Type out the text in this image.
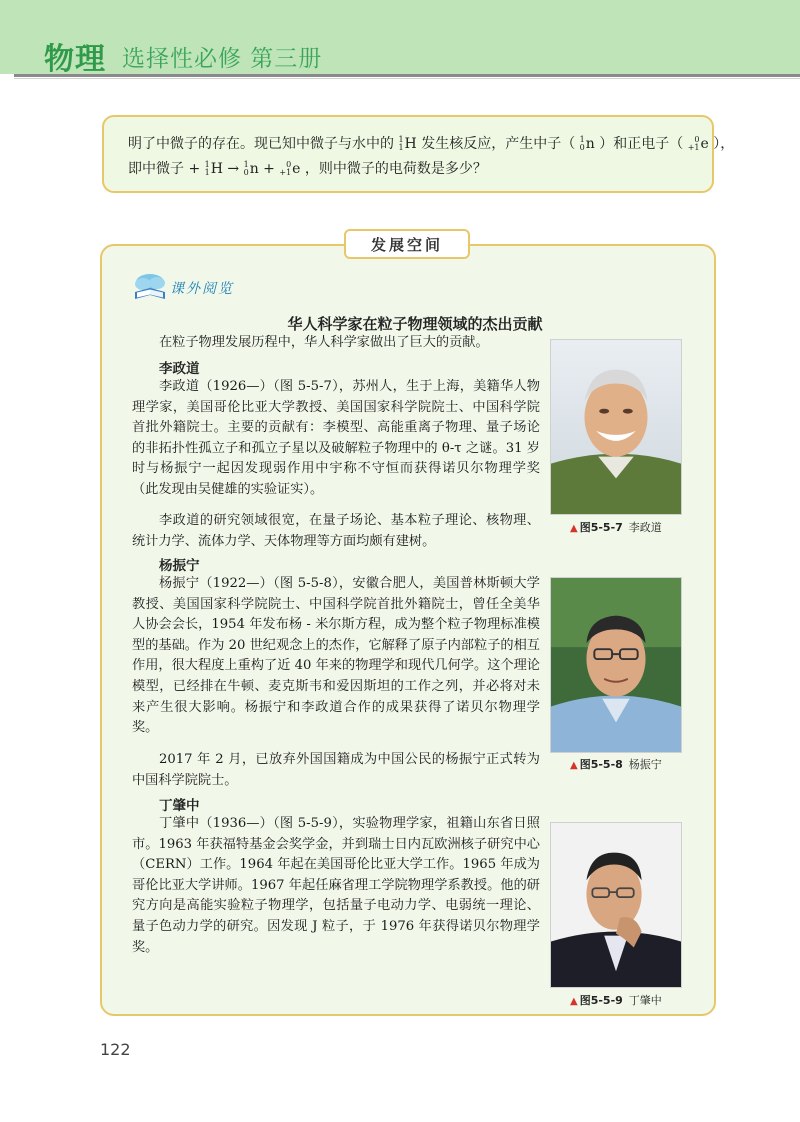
物理 选择性必修 第三册
明了中微子的存在。现已知中微子与水中的 1
1 H 发生核反应，产生中子（ 1
0 n ）和正电子（	0
+1 e ），
即中微子 + 1
1 H → 1
0 n +	0
+1 e ，则中微子的电荷数是多少？
发展空间
课外阅览
华人科学家在粒子物理领域的杰出贡献
在粒子物理发展历程中，华人科学家做出了巨大的贡献。
李政道
李政道（1926—）（图 5-5-7），苏州人，生于上海，美籍华人物理学家，美国哥伦比亚大学教授、美国国家科学院院士、中国科学院首批外籍院士。主要的贡献有：李模型、高能重离子物理、量子场论的非拓扑性孤立子和孤立子星以及破解粒子物理中的 θ-τ 之谜。31 岁时与杨振宁一起因发现弱作用中宇称不守恒而获得诺贝尔物理学奖（此发现由吴健雄的实验证实）。
李政道的研究领域很宽，在量子场论、基本粒子理论、核物理、统计力学、流体力学、天体物理等方面均颇有建树。
杨振宁
杨振宁（1922—）（图 5-5-8），安徽合肥人，美国普林斯顿大学教授、美国国家科学院院士、中国科学院首批外籍院士，曾任全美华人协会会长，1954 年发布杨 - 米尔斯方程，成为整个粒子物理标准模型的基础。作为 20 世纪观念上的杰作，它解释了原子内部粒子的相互作用，很大程度上重构了近 40 年来的物理学和现代几何学。这个理论模型，已经排在牛顿、麦克斯韦和爱因斯坦的工作之列，并必将对未来产生很大影响。杨振宁和李政道合作的成果获得了诺贝尔物理学奖。
2017 年 2 月，已放弃外国国籍成为中国公民的杨振宁正式转为中国科学院院士。
丁肇中
丁肇中（1936—）（图 5-5-9），实验物理学家，祖籍山东省日照市。1963 年获福特基金会奖学金，并到瑞士日内瓦欧洲核子研究中心（CERN）工作。1964 年起在美国哥伦比亚大学工作。1965 年成为哥伦比亚大学讲师。1967 年起任麻省理工学院物理学系教授。他的研究方向是高能实验粒子物理学，包括量子电动力学、电弱统一理论、量子色动力学的研究。因发现 J 粒子，于 1976 年获得诺贝尔物理学奖。
▲ 图5-5-7 李政道
▲ 图5-5-8 杨振宁
▲ 图5-5-9 丁肇中
122
